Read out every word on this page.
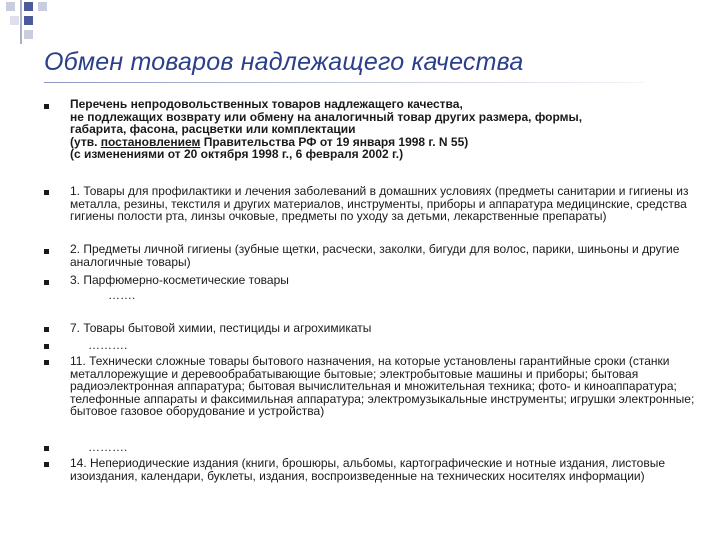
Обмен товаров надлежащего качества
Перечень непродовольственных товаров надлежащего качества,
не подлежащих возврату или обмену на аналогичный товар других размера, формы,
габарита, фасона, расцветки или комплектации
(утв. постановлением Правительства РФ от 19 января 1998 г. N 55)
(с изменениями от 20 октября 1998 г., 6 февраля 2002 г.)
1. Товары для профилактики и лечения заболеваний в домашних условиях (предметы санитарии и гигиены из металла, резины, текстиля и других материалов, инструменты, приборы и аппаратура медицинские, средства гигиены полости рта, линзы очковые, предметы по уходу за детьми, лекарственные препараты)
2. Предметы личной гигиены (зубные щетки, расчески, заколки, бигуди для волос, парики, шиньоны и другие аналогичные товары)
3. Парфюмерно-косметические товары
…….
7. Товары бытовой химии, пестициды и агрохимикаты
……….
11. Технически сложные товары бытового назначения, на которые установлены гарантийные сроки (станки металлорежущие и деревообрабатывающие бытовые; электробытовые машины и приборы; бытовая радиоэлектронная аппаратура; бытовая вычислительная и множительная техника; фото- и киноаппаратура; телефонные аппараты и факсимильная аппаратура; электромузыкальные инструменты; игрушки электронные; бытовое газовое оборудование и устройства)
……….
14. Непериодические издания (книги, брошюры, альбомы, картографические и нотные издания, листовые изоиздания, календари, буклеты, издания, воспроизведенные на технических носителях информации)
